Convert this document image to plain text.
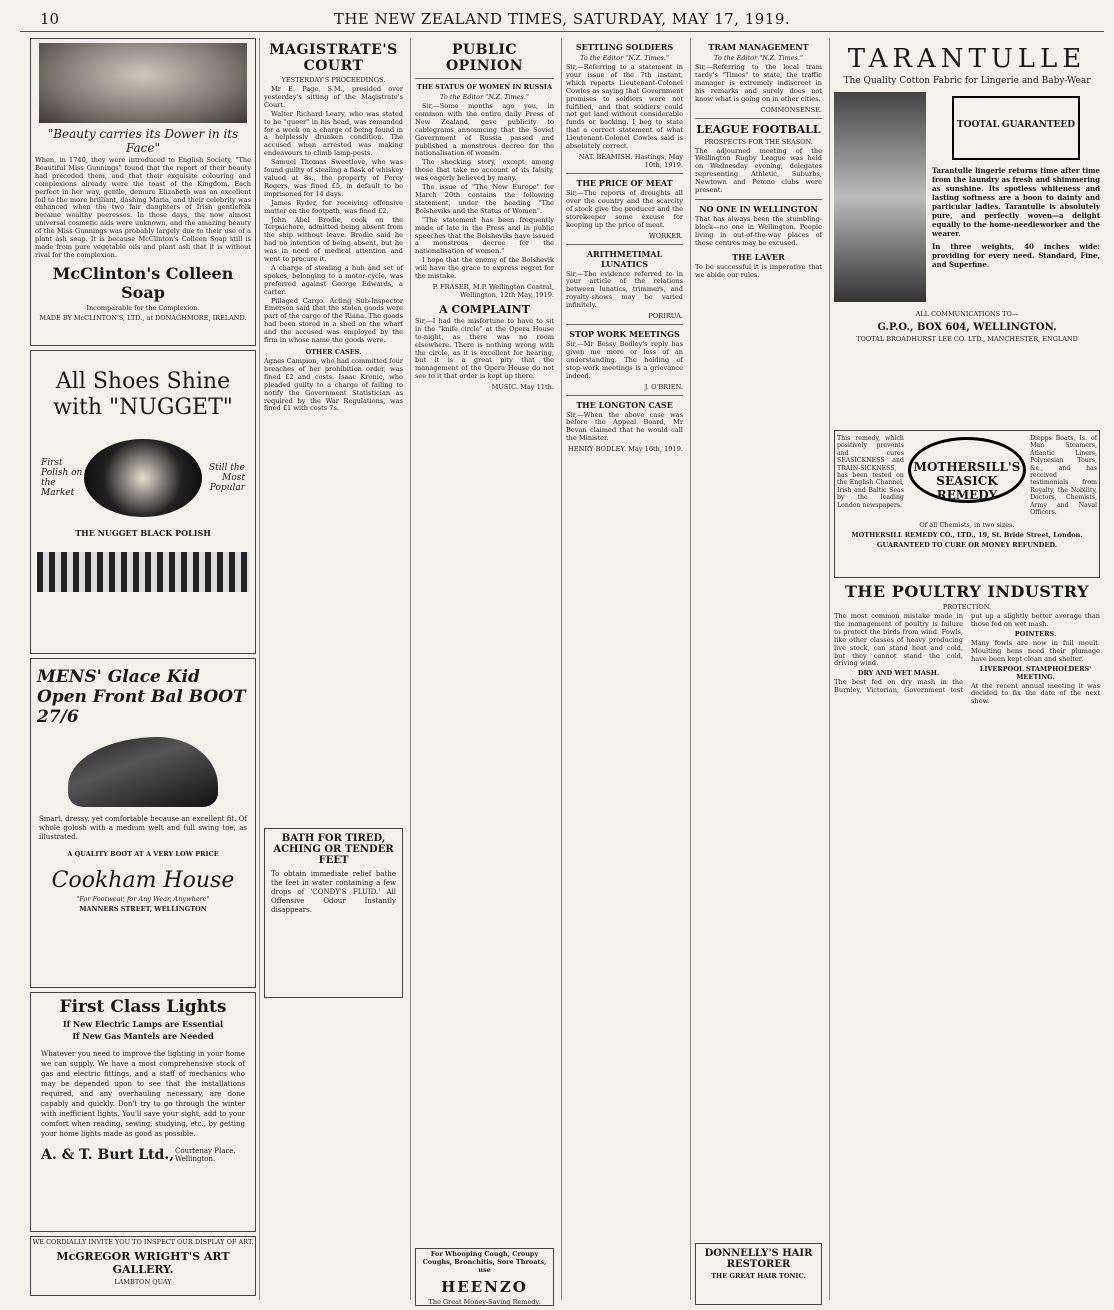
10	THE NEW ZEALAND TIMES, SATURDAY, MAY 17, 1919.
"Beauty carries its Dower in its Face"
When, in 1740, they were introduced to English Society, "The Beautiful Miss Gunnings" found that the report of their beauty had preceded them, and that their exquisite colouring and complexions already were the toast of the Kingdom. Each perfect in her way, gentle, demure Elizabeth was an excellent foil to the more brilliant, dashing Maria, and their celebrity was enhanced when the two fair daughters of Irish gentlefolk became wealthy peeresses. In those days, the now almost universal cosmetic aids were unknown, and the amazing beauty of the Miss Gunnings was probably largely due to their use of a plant ash soap. It is because McClinton's Colleen Soap still is made from pure vegetable oils and plant ash that it is without rival for the complexion.
McClinton's Colleen Soap
Incomparable for the Complexion.
MADE BY McCLINTON'S, LTD., at DONAGHMORE, IRELAND.
All Shoes Shine with "NUGGET"
First Polish on the Market
Still the Most Popular
THE NUGGET BLACK POLISH
MENS' Glace Kid Open Front Bal BOOT 27/6
Smart, dressy, yet comfortable because an excellent fit. Of whole golosh with a medium welt and full swing toe, as illustrated.
A QUALITY BOOT AT A VERY LOW PRICE
Cookham House
"For Footwear, for Any Wear, Anywhere"
MANNERS STREET, WELLINGTON
First Class Lights
If New Electric Lamps are Essential
If New Gas Mantels are Needed
Whatever you need to improve the lighting in your home we can supply. We have a most comprehensive stock of gas and electric fittings, and a staff of mechanics who may be depended upon to see that the installations required, and any overhauling necessary, are done capably and quickly. Don't try to go through the winter with inefficient lights. You'll save your sight, add to your comfort when reading, sewing, studying, etc., by getting your home lights made as good as possible.
A. & T. Burt Ltd., Courtenay Place, Wellington.
WE CORDIALLY INVITE YOU TO INSPECT OUR DISPLAY OF ART.
McGREGOR WRIGHT'S ART GALLERY.
LAMBTON QUAY
MAGISTRATE'S COURT
YESTERDAY'S PROCEEDINGS.

Mr E. Page, S.M., presided over yesterday's sitting of the Magistrate's Court.

Walter Richard Leary, who was stated to be "queer" in his head, was remanded for a week on a charge of being found in a helplessly drunken condition. The accused when arrested was making endeavours to climb lamp-posts.

Samuel Thomas Sweetlove, who was found guilty of stealing a flask of whiskey valued at 8s., the property of Percy Rogers, was fined £5, in default to be imprisoned for 14 days.

James Ryder, for receiving offensive matter on the footpath, was fined £2.

John Abel Brodie, cook on the Terpsichore, admitted being absent from the ship without leave. Brodie said he had no intention of being absent, but he was in need of medical attention and went to procure it.

A charge of stealing a hub and set of spokes, belonging to a motor-cycle, was preferred against George Edwards, a carter.

Pillaged Cargo. Acting Sub-Inspector Emerson said that the stolen goods were part of the cargo of the Riana. The goods had been stored in a shed on the wharf and the accused was employed by the firm in whose name the goods were.

OTHER CASES.
Agnes Campion, who had committed four breaches of her prohibition order, was fined £2 and costs. Isaac Kronic, who pleaded guilty to a charge of failing to notify the Government Statistician as required by the War Regulations, was fined £1 with costs 7s.
BATH FOR TIRED, ACHING OR TENDER FEET
To obtain immediate relief bathe the feet in water containing a few drops of 'CONDY'S FLUID.' All Offensive Odour Instantly disappears.
PUBLIC OPINION
THE STATUS OF WOMEN IN RUSSIA
To the Editor "N.Z. Times."

Sir,—Some months ago you, in common with the entire daily Press of New Zealand, gave publicity to cablegrams announcing that the Soviet Government of Russia passed and published a monstrous decree for the nationalisation of women.

The shocking story, except among those that take no account of its falsity, was eagerly believed by many.

The issue of "The New Europe" for March 20th contains the following statement, under the heading "The Bolsheviks and the Status of Women".

"The statement has been frequently made of late in the Press and in public speeches that the Bolsheviks have issued a monstrous decree for the nationalisation of women."

I hope that the enemy of the Bolshevik will have the grace to express regret for the mistake.

P. FRASER, M.P. Wellington Central, Wellington, 12th May, 1919.
A COMPLAINT
Sir,—I had the misfortune to have to sit in the "knife circle" at the Opera House to-night, as there was no room elsewhere. There is nothing wrong with the circle, as it is excellent for hearing, but it is a great pity that the management of the Opera House do not see to it that order is kept up there.
MUSIC. May 11th.
For Whooping Cough, Croupy Coughs, Bronchitis, Sore Throats, use
HEENZO
The Great Money-Saving Remedy.
SETTLING SOLDIERS
To the Editor "N.Z. Times."
Sir,—Referring to a statement in your issue of the 7th instant, which reports Lieutenant-Colonel Cowles as saying that Government promises to soldiers were not fulfilled, and that soldiers could not get land without considerable funds or backing. I beg to state that a correct statement of what Lieutenant-Colonel Cowles said is absolutely correct.
NAT. BEAMISH. Hastings, May 10th, 1919.
THE PRICE OF MEAT
Sir,—The reports of droughts all over the country and the scarcity of stock give the producer and the storekeeper some excuse for keeping up the price of meat.
WORKER.
ARITHMETIMAL LUNATICS
Sir,—The evidence referred to in your article of the relations between lunatics, trimmers, and royalty-shows may be varied infinitely.
PORIRUA.
STOP WORK MEETINGS
Sir,—Mr Bessy Bodley's reply has given me more or less of an understanding. The holding of stop-work meetings is a grievance indeed.
J. O'BRIEN.
THE LONGTON CASE
Sir,—When the above case was before the Appeal Board, Mr Bevan claimed that he would call the Minister.
HENRY BODLEY. May 16th, 1919.
TRAM MANAGEMENT
To the Editor "N.Z. Times."
Sir,—Referring to the local tram tardy's "Times" to state, the traffic manager is extremely indiscreet in his remarks and surely does not know what is going on in other cities.
COMMONSENSE.
LEAGUE FOOTBALL
PROSPECTS FOR THE SEASON.
The adjourned meeting of the Wellington Rugby League was held on Wednesday evening, delegates representing Athletic, Suburbs, Newtown and Petone clubs were present.
NO ONE IN WELLINGTON
That has always been the stumbling-block—no one in Wellington. People living in out-of-the-way places of these centres may be excused.
THE LAVER
To be successful it is imperative that we abide our rules.
DONNELLY'S HAIR RESTORER
THE GREAT HAIR TONIC.
TARANTULLE
The Quality Cotton Fabric for Lingerie and Baby-Wear
TOOTAL GUARANTEED
Tarantulle lingerie returns time after time from the laundry as fresh and shimmering as sunshine. Its spotless whiteness and lasting softness are a boon to dainty and particular ladies. Tarantulle is absolutely pure, and perfectly woven—a delight equally to the home-needleworker and the wearer.
In three weights, 40 inches wide: providing for every need. Standard, Fine, and Superfine.
ALL COMMUNICATIONS TO—
G.P.O., BOX 604, WELLINGTON.
TOOTAL BROADHURST LEE CO. LTD., MANCHESTER, ENGLAND
This remedy, which positively prevents and cures SEASICKNESS and TRAIN-SICKNESS, has been tested on the English Channel, Irish and Baltic Seas by the leading London newspapers.
MOTHERSILL'S SEASICK REMEDY
Diepps Boats, Is. of Man Steamers, Atlantic Liners, Polynesian Tours, &c., and has received testimonials from Royalty, the Nobility, Doctors, Chemists, Army and Naval Officers.
Of all Chemists, in two sizes.
MOTHERSILL REMEDY CO., LTD., 19, St. Bride Street, London.
GUARANTEED TO CURE OR MONEY REFUNDED.
THE POULTRY INDUSTRY
PROTECTION.
The most common mistake made in the management of poultry is failure to protect the birds from wind. Fowls, like other classes of heavy producing live stock, can stand heat and cold, but they cannot stand the cold, driving wind.
DRY AND WET MASH.
The best fed on dry mash in the Burnley, Victorian, Government test put up a slightly better average than those fed on wet mash.
POINTERS.
Many fowls are now in full moult. Moulting hens need their plumage have been kept clean and shelter.
LIVERPOOL STAMPHOLDERS' MEETING.
At the recent annual meeting it was decided to fix the date of the next show.
